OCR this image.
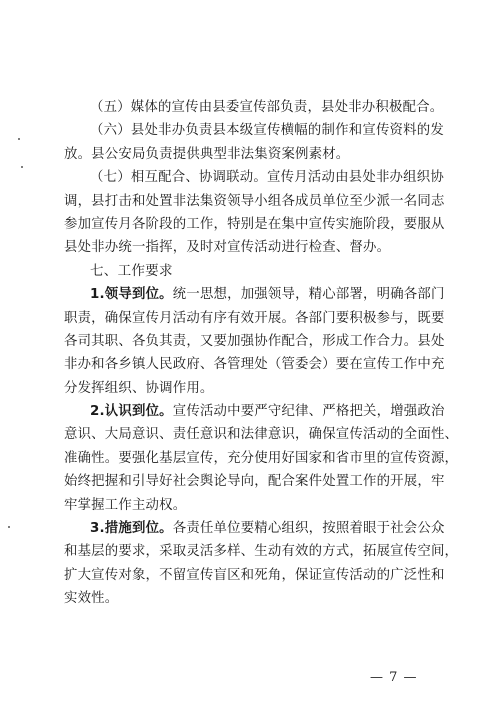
（五）媒体的宣传由县委宣传部负责，县处非办积极配合。
（六）县处非办负责县本级宣传横幅的制作和宣传资料的发
放。县公安局负责提供典型非法集资案例素材。
（七）相互配合、协调联动。宣传月活动由县处非办组织协
调，县打击和处置非法集资领导小组各成员单位至少派一名同志
参加宣传月各阶段的工作，特别是在集中宣传实施阶段，要服从
县处非办统一指挥，及时对宣传活动进行检查、督办。
七、工作要求
1.领导到位。统一思想，加强领导，精心部署，明确各部门
职责，确保宣传月活动有序有效开展。各部门要积极参与，既要
各司其职、各负其责，又要加强协作配合，形成工作合力。县处
非办和各乡镇人民政府、各管理处（管委会）要在宣传工作中充
分发挥组织、协调作用。
2.认识到位。宣传活动中要严守纪律、严格把关，增强政治
意识、大局意识、责任意识和法律意识，确保宣传活动的全面性、
准确性。要强化基层宣传，充分使用好国家和省市里的宣传资源，
始终把握和引导好社会舆论导向，配合案件处置工作的开展，牢
牢掌握工作主动权。
3.措施到位。各责任单位要精心组织，按照着眼于社会公众
和基层的要求，采取灵活多样、生动有效的方式，拓展宣传空间，
扩大宣传对象，不留宣传盲区和死角，保证宣传活动的广泛性和
实效性。
— 7 —
